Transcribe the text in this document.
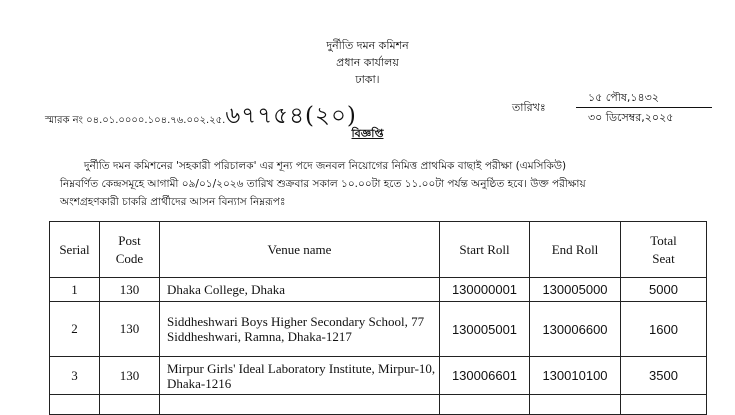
দুর্নীতি দমন কমিশন
প্রধান কার্যালয়
ঢাকা।
স্মারক নং ০৪.০১.০০০০.১০৪.৭৬.০০২.২৫.৬৭৭৫৪(২০)	তারিখঃ
১৫ পৌষ,১৪৩২
৩০ ডিসেম্বর,২০২৫
বিজ্ঞপ্তি

দুর্নীতি দমন কমিশনের 'সহকারী পরিচালক' এর শূন্য পদে জনবল নিয়োগের নিমিত্ত প্রাথমিক বাছাই পরীক্ষা (এমসিকিউ)

নিম্নবর্ণিত কেন্দ্রসমূহে আগামী ০৯/০১/২০২৬ তারিখ শুক্রবার সকাল ১০.০০টা হতে ১১.০০টা পর্যন্ত অনুষ্ঠিত হবে। উক্ত পরীক্ষায়

অংশগ্রহণকারী চাকরি প্রার্থীদের আসন বিন্যাস নিম্নরূপঃ

Serial	Post Code	Venue name	Start Roll	End Roll	Total Seat
1	130	Dhaka College, Dhaka	130000001	130005000	5000
2	130	Siddheshwari Boys Higher Secondary School, 77 Siddheshwari, Ramna, Dhaka-1217	130005001	130006600	1600
3	130	Mirpur Girls' Ideal Laboratory Institute, Mirpur-10, Dhaka-1216	130006601	130010100	3500
